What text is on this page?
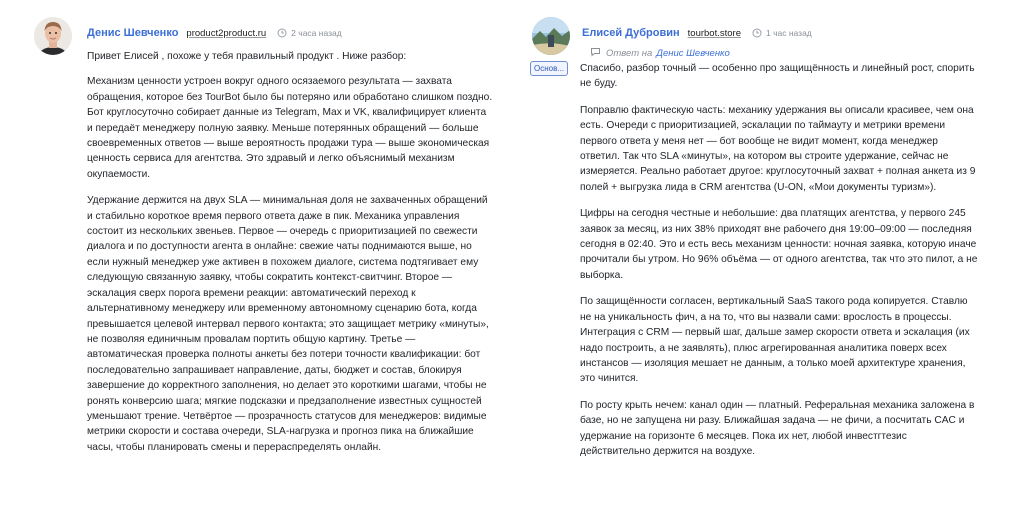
Денис Шевченко product2product.ru	2 часа назад

Привет Елисей , похоже у тебя правильный продукт . Ниже разбор:

Механизм ценности устроен вокруг одного осязаемого результата — захвата обращения, которое без TourBot было бы потеряно или обработано слишком поздно. Бот круглосуточно собирает данные из Telegram, Max и VK, квалифицирует клиента и передаёт менеджеру полную заявку. Меньше потерянных обращений — больше своевременных ответов — выше вероятность продажи тура — выше экономическая ценность сервиса для агентства. Это здравый и легко объяснимый механизм окупаемости.

Удержание держится на двух SLA — минимальная доля не захваченных обращений и стабильно короткое время первого ответа даже в пик. Механика управления состоит из нескольких звеньев. Первое — очередь с приоритизацией по свежести диалога и по доступности агента в онлайне: свежие чаты поднимаются выше, но если нужный менеджер уже активен в похожем диалоге, система подтягивает ему следующую связанную заявку, чтобы сократить контекст-свитчинг. Второе — эскалация сверх порога времени реакции: автоматический переход к альтернативному менеджеру или временному автономному сценарию бота, когда превышается целевой интервал первого контакта; это защищает метрику «минуты», не позволяя единичным провалам портить общую картину. Третье — автоматическая проверка полноты анкеты без потери точности квалификации: бот последовательно запрашивает направление, даты, бюджет и состав, блокируя завершение до корректного заполнения, но делает это короткими шагами, чтобы не ронять конверсию шага; мягкие подсказки и предзаполнение известных сущностей уменьшают трение. Четвёртое — прозрачность статусов для менеджеров: видимые метрики скорости и состава очереди, SLA-нагрузка и прогноз пика на ближайшие часы, чтобы планировать смены и перераспределять онлайн.

Основ...
Елисей Дубровин tourbot.store	1 час назад
Ответ на Денис Шевченко

Спасибо, разбор точный — особенно про защищённость и линейный рост, спорить не буду.

Поправлю фактическую часть: механику удержания вы описали красивее, чем она есть. Очереди с приоритизацией, эскалации по таймауту и метрики времени первого ответа у меня нет — бот вообще не видит момент, когда менеджер ответил. Так что SLA «минуты», на котором вы строите удержание, сейчас не измеряется. Реально работает другое: круглосуточный захват + полная анкета из 9 полей + выгрузка лида в CRM агентства (U-ON, «Мои документы туризм»).

Цифры на сегодня честные и небольшие: два платящих агентства, у первого 245 заявок за месяц, из них 38% приходят вне рабочего дня 19:00–09:00 — последняя сегодня в 02:40. Это и есть весь механизм ценности: ночная заявка, которую иначе прочитали бы утром. Но 96% объёма — от одного агентства, так что это пилот, а не выборка.

По защищённости согласен, вертикальный SaaS такого рода копируется. Ставлю не на уникальность фич, а на то, что вы назвали сами: врослость в процессы. Интеграция с CRM — первый шаг, дальше замер скорости ответа и эскалация (их надо построить, а не заявлять), плюс агрегированная аналитика поверх всех инстансов — изоляция мешает не данным, а только моей архитектуре хранения, это чинится.

По росту крыть нечем: канал один — платный. Реферальная механика заложена в базе, но не запущена ни разу. Ближайшая задача — не фичи, а посчитать CAC и удержание на горизонте 6 месяцев. Пока их нет, любой инвестгтезис действительно держится на воздухе.
